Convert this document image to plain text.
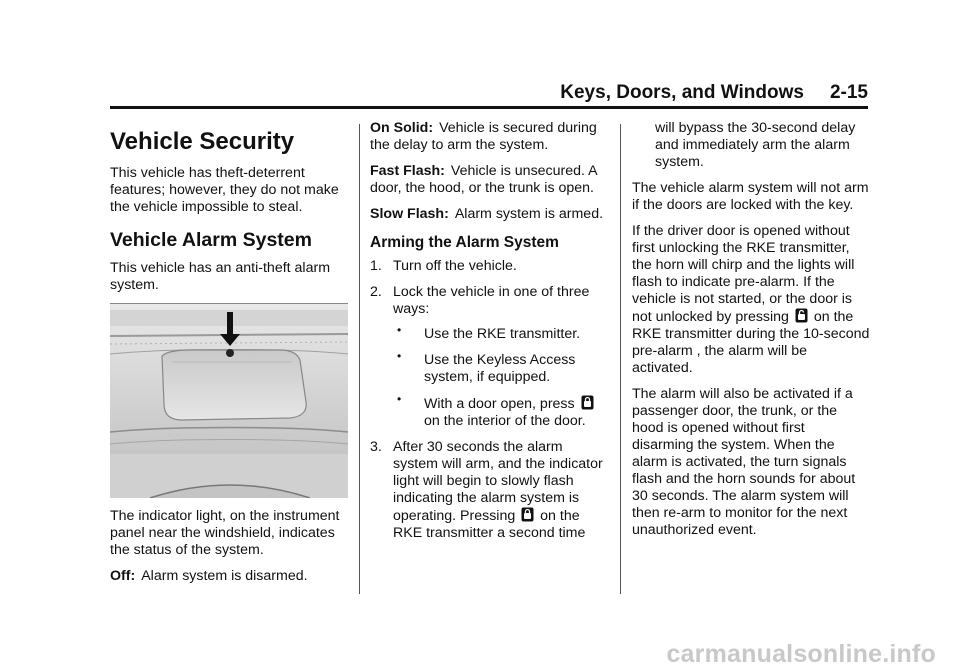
Keys, Doors, and Windows 2-15
Vehicle Security

This vehicle has theft-deterrent features; however, they do not make the vehicle impossible to steal.

Vehicle Alarm System

This vehicle has an anti-theft alarm system.

The indicator light, on the instrument panel near the windshield, indicates the status of the system.

Off: Alarm system is disarmed.

On Solid: Vehicle is secured during the delay to arm the system.

Fast Flash: Vehicle is unsecured. A door, the hood, or the trunk is open.

Slow Flash: Alarm system is armed.

Arming the Alarm System
1. Turn off the vehicle.
2. Lock the vehicle in one of three ways:
• Use the RKE transmitter.
• Use the Keyless Access system, if equipped.
• With a door open, press  on the interior of the door.
3. After 30 seconds the alarm system will arm, and the indicator light will begin to slowly flash indicating the alarm system is operating. Pressing on the RKE transmitter a second time

will bypass the 30-second delay and immediately arm the alarm system.

The vehicle alarm system will not arm if the doors are locked with the key.

If the driver door is opened without first unlocking the RKE transmitter, the horn will chirp and the lights will flash to indicate pre-alarm. If the vehicle is not started, or the door is not unlocked by pressing on the RKE transmitter during the 10-second pre-alarm , the alarm will be activated.

The alarm will also be activated if a passenger door, the trunk, or the hood is opened without first disarming the system. When the alarm is activated, the turn signals flash and the horn sounds for about 30 seconds. The alarm system will then re-arm to monitor for the next unauthorized event.

carmanualsonline.info
